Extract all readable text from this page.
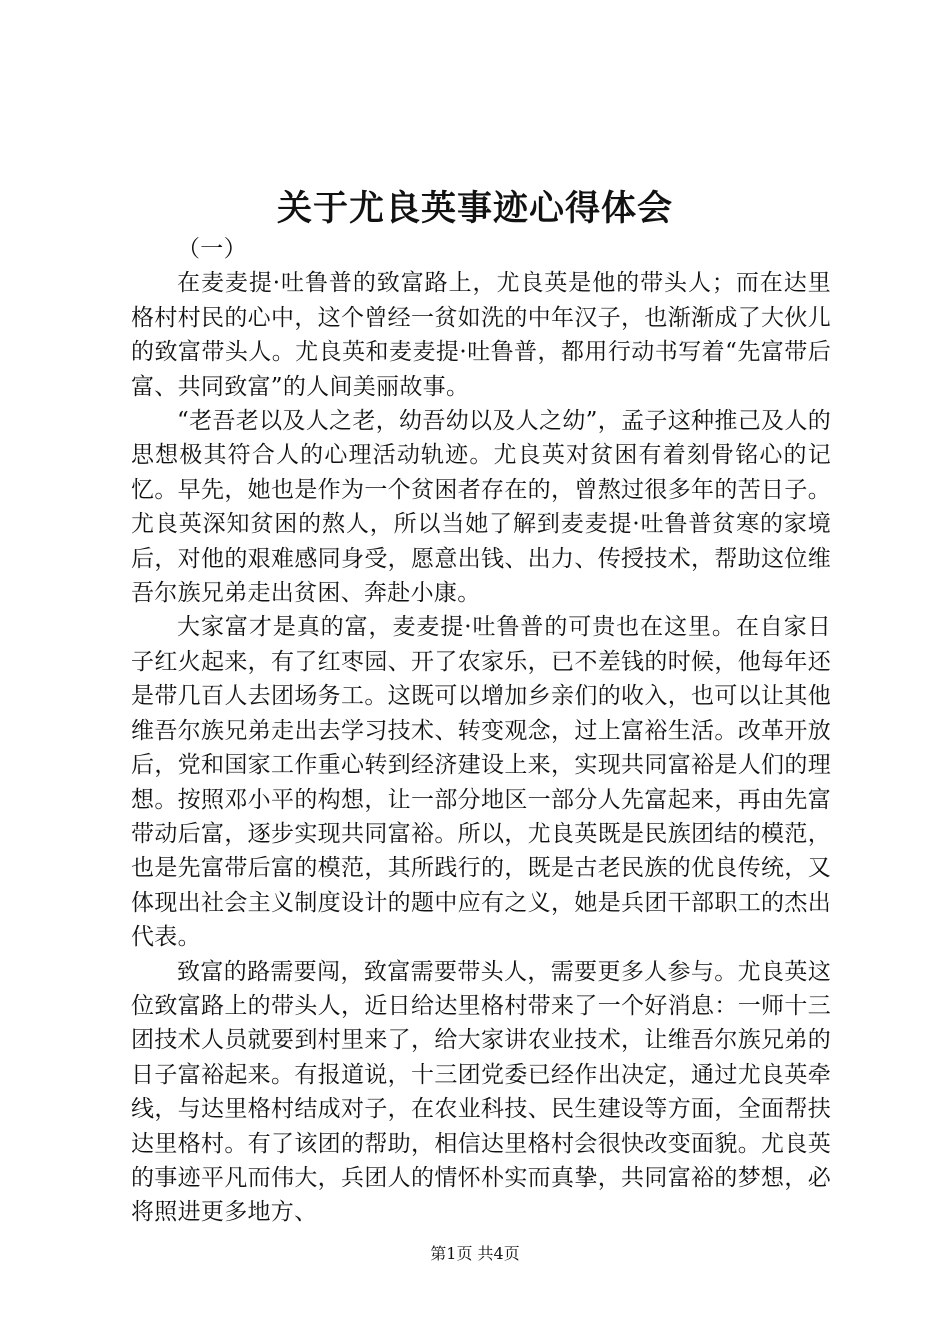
关于尤良英事迹心得体会

（一）

在麦麦提·吐鲁普的致富路上，尤良英是他的带头人；而在达里格村村民的心中，这个曾经一贫如洗的中年汉子，也渐渐成了大伙儿的致富带头人。尤良英和麦麦提·吐鲁普，都用行动书写着“先富带后富、共同致富”的人间美丽故事。

“老吾老以及人之老，幼吾幼以及人之幼”，孟子这种推己及人的思想极其符合人的心理活动轨迹。尤良英对贫困有着刻骨铭心的记忆。早先，她也是作为一个贫困者存在的，曾熬过很多年的苦日子。尤良英深知贫困的熬人，所以当她了解到麦麦提·吐鲁普贫寒的家境后，对他的艰难感同身受，愿意出钱、出力、传授技术，帮助这位维吾尔族兄弟走出贫困、奔赴小康。

大家富才是真的富，麦麦提·吐鲁普的可贵也在这里。在自家日子红火起来，有了红枣园、开了农家乐，已不差钱的时候，他每年还是带几百人去团场务工。这既可以增加乡亲们的收入，也可以让其他维吾尔族兄弟走出去学习技术、转变观念，过上富裕生活。改革开放后，党和国家工作重心转到经济建设上来，实现共同富裕是人们的理想。按照邓小平的构想，让一部分地区一部分人先富起来，再由先富带动后富，逐步实现共同富裕。所以，尤良英既是民族团结的模范，也是先富带后富的模范，其所践行的，既是古老民族的优良传统，又体现出社会主义制度设计的题中应有之义，她是兵团干部职工的杰出代表。

致富的路需要闯，致富需要带头人，需要更多人参与。尤良英这位致富路上的带头人，近日给达里格村带来了一个好消息：一师十三团技术人员就要到村里来了，给大家讲农业技术，让维吾尔族兄弟的日子富裕起来。有报道说，十三团党委已经作出决定，通过尤良英牵线，与达里格村结成对子，在农业科技、民生建设等方面，全面帮扶达里格村。有了该团的帮助，相信达里格村会很快改变面貌。尤良英的事迹平凡而伟大，兵团人的情怀朴实而真挚，共同富裕的梦想，必将照进更多地方、

第1页 共4页
